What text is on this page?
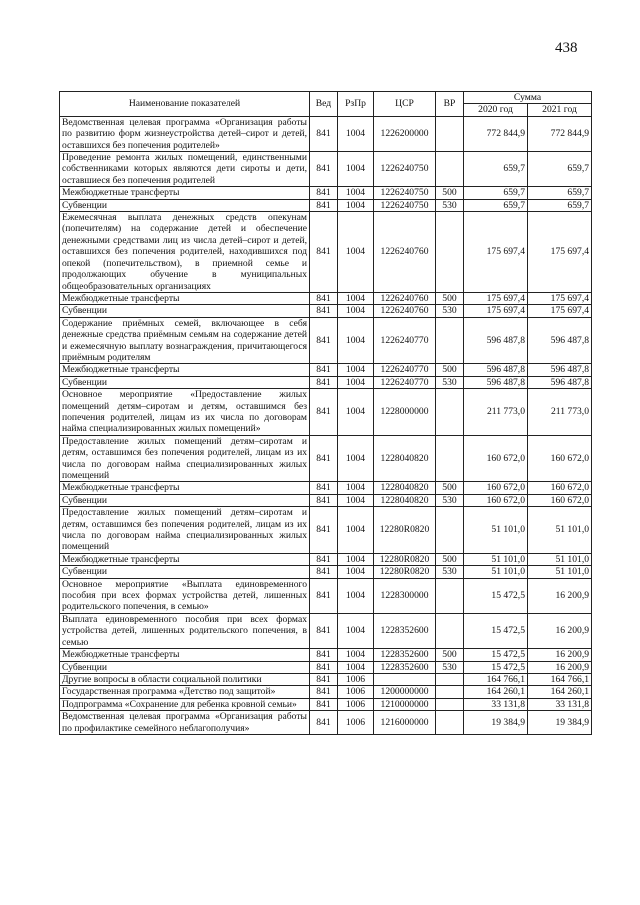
438
Наименование показателей	Вед	РзПр	ЦСР	ВР	Сумма	
					2020 год	2021 год
Ведомственная целевая программа «Организация работы по развитию форм жизнеустройства детей–сирот и детей, оставшихся без попечения родителей»	841	1004	1226200000		772 844,9	772 844,9
Проведение ремонта жилых помещений, единственными собственниками которых являются дети сироты и дети, оставшиеся без попечения родителей	841	1004	1226240750		659,7	659,7
Межбюджетные трансферты	841	1004	1226240750	500	659,7	659,7
Субвенции	841	1004	1226240750	530	659,7	659,7
Ежемесячная выплата денежных средств опекунам (попечителям) на содержание детей и обеспечение денежными средствами лиц из числа детей–сирот и детей, оставшихся без попечения родителей, находившихся под опекой (попечительством), в приемной семье и продолжающих обучение в муниципальных общеобразовательных организациях	841	1004	1226240760		175 697,4	175 697,4
Межбюджетные трансферты	841	1004	1226240760	500	175 697,4	175 697,4
Субвенции	841	1004	1226240760	530	175 697,4	175 697,4
Содержание приёмных семей, включающее в себя денежные средства приёмным семьям на содержание детей и ежемесячную выплату вознаграждения, причитающегося приёмным родителям	841	1004	1226240770		596 487,8	596 487,8
Межбюджетные трансферты	841	1004	1226240770	500	596 487,8	596 487,8
Субвенции	841	1004	1226240770	530	596 487,8	596 487,8
Основное мероприятие «Предоставление жилых помещений детям–сиротам и детям, оставшимся без попечения родителей, лицам из их числа по договорам найма специализированных жилых помещений»	841	1004	1228000000		211 773,0	211 773,0
Предоставление жилых помещений детям–сиротам и детям, оставшимся без попечения родителей, лицам из их числа по договорам найма специализированных жилых помещений	841	1004	1228040820		160 672,0	160 672,0
Межбюджетные трансферты	841	1004	1228040820	500	160 672,0	160 672,0
Субвенции	841	1004	1228040820	530	160 672,0	160 672,0
Предоставление жилых помещений детям–сиротам и детям, оставшимся без попечения родителей, лицам из их числа по договорам найма специализированных жилых помещений	841	1004	12280R0820		51 101,0	51 101,0
Межбюджетные трансферты	841	1004	12280R0820	500	51 101,0	51 101,0
Субвенции	841	1004	12280R0820	530	51 101,0	51 101,0
Основное мероприятие «Выплата единовременного пособия при всех формах устройства детей, лишенных родительского попечения, в семью»	841	1004	1228300000		15 472,5	16 200,9
Выплата единовременного пособия при всех формах устройства детей, лишенных родительского попечения, в семью	841	1004	1228352600		15 472,5	16 200,9
Межбюджетные трансферты	841	1004	1228352600	500	15 472,5	16 200,9
Субвенции	841	1004	1228352600	530	15 472,5	16 200,9
Другие вопросы в области социальной политики	841	1006			164 766,1	164 766,1
Государственная программа «Детство под защитой»	841	1006	1200000000		164 260,1	164 260,1
Подпрограмма «Сохранение для ребенка кровной семьи»	841	1006	1210000000		33 131,8	33 131,8
Ведомственная целевая программа «Организация работы по профилактике семейного неблагополучия»	841	1006	1216000000		19 384,9	19 384,9
